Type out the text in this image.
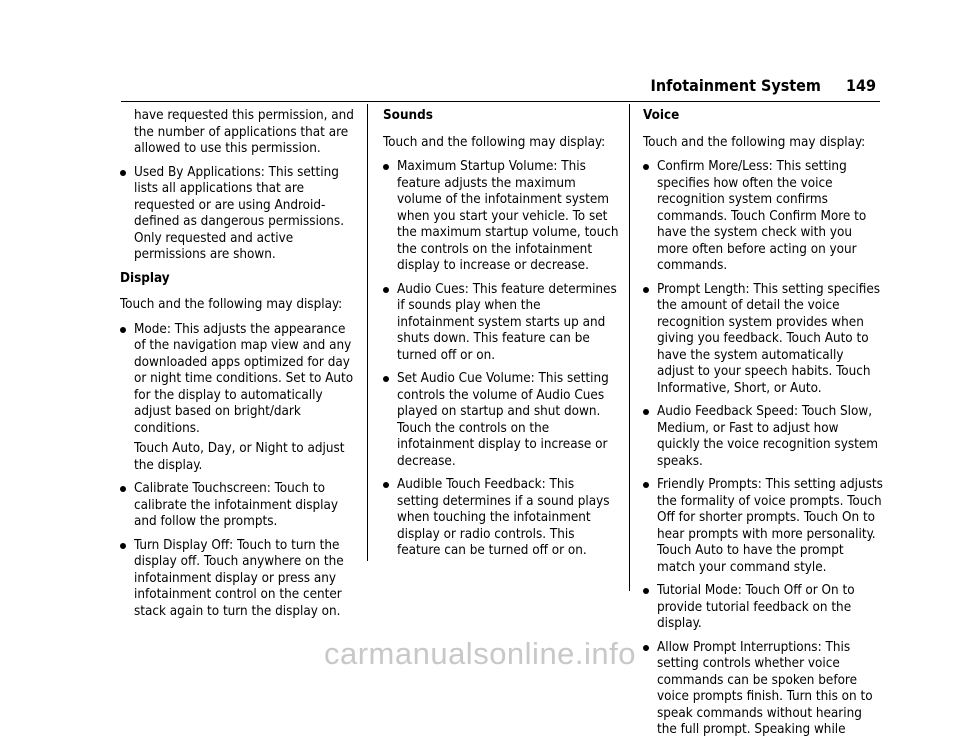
Infotainment System 149

have requested this permission, and the number of applications that are allowed to use this permission.

Used By Applications: This setting lists all applications that are requested or are using Android-defined as dangerous permissions. Only requested and active permissions are shown.

Display

Touch and the following may display:

Mode: This adjusts the appearance of the navigation map view and any downloaded apps optimized for day or night time conditions. Set to Auto for the display to automatically adjust based on bright/dark conditions.
Touch Auto, Day, or Night to adjust the display.
Calibrate Touchscreen: Touch to calibrate the infotainment display and follow the prompts.
Turn Display Off: Touch to turn the display off. Touch anywhere on the infotainment display or press any infotainment control on the center stack again to turn the display on.

Sounds

Touch and the following may display:

Maximum Startup Volume: This feature adjusts the maximum volume of the infotainment system when you start your vehicle. To set the maximum startup volume, touch the controls on the infotainment display to increase or decrease.
Audio Cues: This feature determines if sounds play when the infotainment system starts up and shuts down. This feature can be turned off or on.
Set Audio Cue Volume: This setting controls the volume of Audio Cues played on startup and shut down. Touch the controls on the infotainment display to increase or decrease.
Audible Touch Feedback: This setting determines if a sound plays when touching the infotainment display or radio controls. This feature can be turned off or on.

Voice

Touch and the following may display:

Confirm More/Less: This setting specifies how often the voice recognition system confirms commands. Touch Confirm More to have the system check with you more often before acting on your commands.
Prompt Length: This setting specifies the amount of detail the voice recognition system provides when giving you feedback. Touch Auto to have the system automatically adjust to your speech habits. Touch Informative, Short, or Auto.
Audio Feedback Speed: Touch Slow, Medium, or Fast to adjust how quickly the voice recognition system speaks.
Friendly Prompts: This setting adjusts the formality of voice prompts. Touch Off for shorter prompts. Touch On to hear prompts with more personality. Touch Auto to have the prompt match your command style.
Tutorial Mode: Touch Off or On to provide tutorial feedback on the display.
Allow Prompt Interruptions: This setting controls whether voice commands can be spoken before voice prompts finish. Turn this on to speak commands without hearing the full prompt. Speaking while
carmanualsonline.info
